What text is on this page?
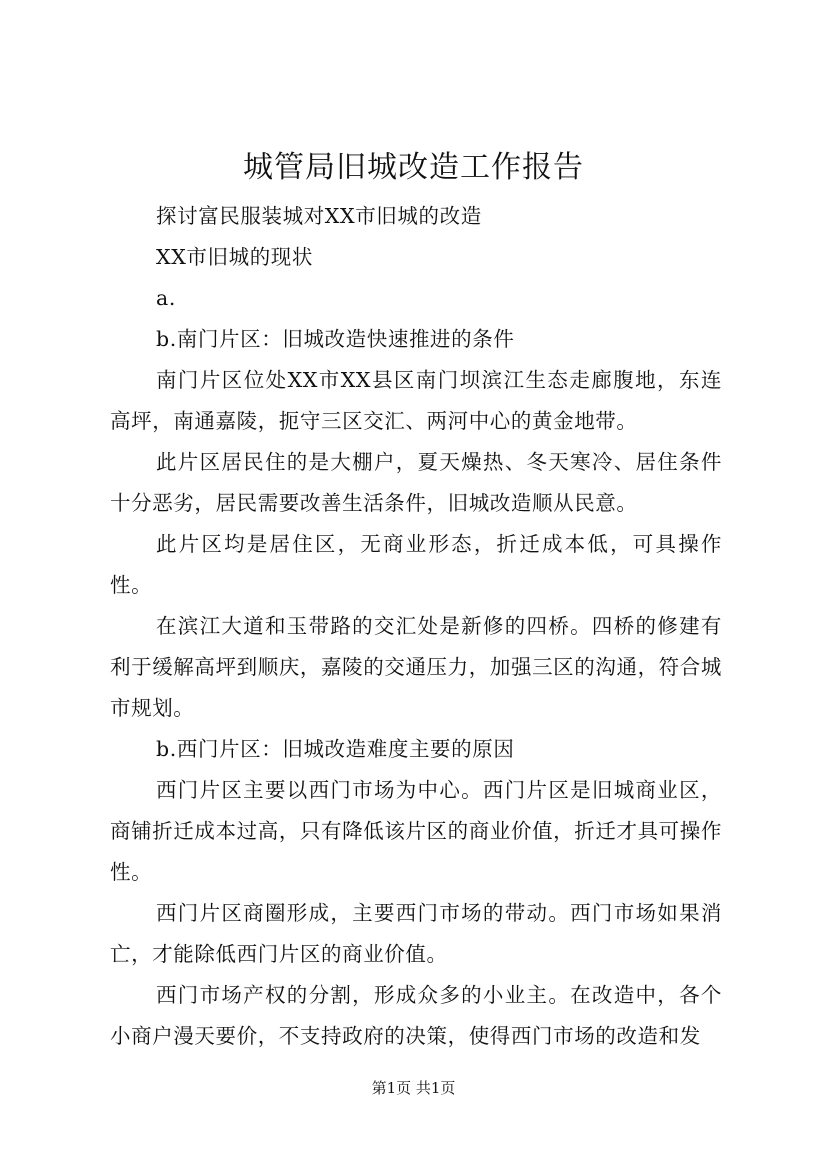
城管局旧城改造工作报告

探讨富民服装城对XX市旧城的改造

XX市旧城的现状

a.

b.南门片区：旧城改造快速推进的条件

南门片区位处XX市XX县区南门坝滨江生态走廊腹地，东连高坪，南通嘉陵，扼守三区交汇、两河中心的黄金地带。

此片区居民住的是大棚户，夏天燥热、冬天寒冷、居住条件十分恶劣，居民需要改善生活条件，旧城改造顺从民意。

此片区均是居住区，无商业形态，折迁成本低，可具操作性。

在滨江大道和玉带路的交汇处是新修的四桥。四桥的修建有利于缓解高坪到顺庆，嘉陵的交通压力，加强三区的沟通，符合城市规划。

b.西门片区：旧城改造难度主要的原因

西门片区主要以西门市场为中心。西门片区是旧城商业区，商铺折迁成本过高，只有降低该片区的商业价值，折迁才具可操作性。

西门片区商圈形成，主要西门市场的带动。西门市场如果消亡，才能除低西门片区的商业价值。

西门市场产权的分割，形成众多的小业主。在改造中，各个小商户漫天要价，不支持政府的决策，使得西门市场的改造和发

第1页 共1页
